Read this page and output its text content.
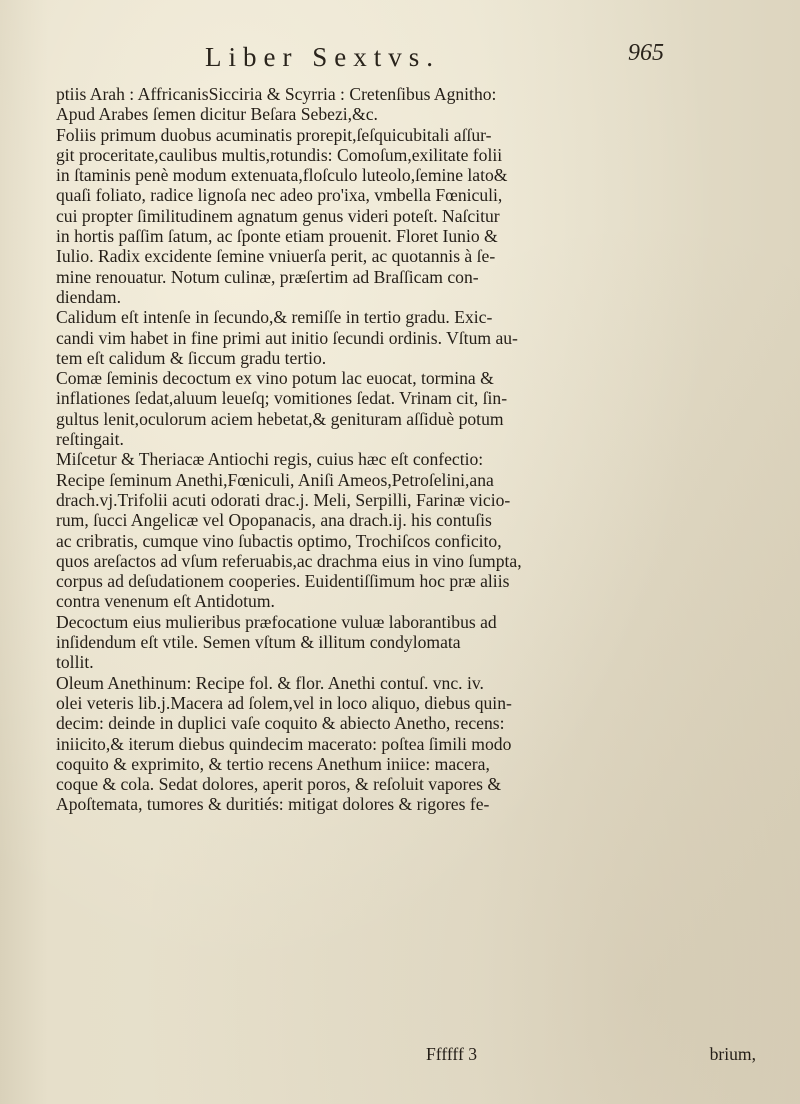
Liber Sextvs.	965
ptiis Arah : AffricanisSicciria & Scyrria : Cretenſibus Agnitho:
Apud Arabes ſemen dicitur Beſara Sebezi,&c.
Foliis primum duobus acuminatis prorepit,ſeſquicubitali aſſur-
git proceritate,caulibus multis,rotundis: Comoſum,exilitate folii
in ſtaminis penè modum extenuata,floſculo luteolo,ſemine lato&
quaſi foliato, radice lignoſa nec adeo pro'ixa, vmbella Fœniculi,
cui propter ſimilitudinem agnatum genus videri poteſt. Naſcitur
in hortis paſſim ſatum, ac ſponte etiam prouenit. Floret Iunio &
Iulio. Radix excidente ſemine vniuerſa perit, ac quotannis à ſe-
mine renouatur. Notum culinæ, præſertim ad Braſſicam con-
diendam.
Calidum eſt intenſe in ſecundo,& remiſſe in tertio gradu. Exic-
candi vim habet in fine primi aut initio ſecundi ordinis. Vſtum au-
tem eſt calidum & ſiccum gradu tertio.
Comæ ſeminis decoctum ex vino potum lac euocat, tormina &
inflationes ſedat,aluum leueſq; vomitiones ſedat. Vrinam cit, ſin-
gultus lenit,oculorum aciem hebetat,& genituram aſſiduè potum
reſtingait.
Miſcetur & Theriacæ Antiochi regis, cuius hæc eſt confectio:
Recipe ſeminum Anethi,Fœniculi, Aniſi Ameos,Petroſelini,ana
drach.vj.Trifolii acuti odorati drac.j. Meli, Serpilli, Farinæ vicio-
rum, ſucci Angelicæ vel Opopanacis, ana drach.ij. his contuſis
ac cribratis, cumque vino ſubactis optimo, Trochiſcos conficito,
quos areſactos ad vſum referuabis,ac drachma eius in vino ſumpta,
corpus ad deſudationem cooperies. Euidentiſſimum hoc præ aliis
contra venenum eſt Antidotum.
Decoctum eius mulieribus præfocatione vuluæ laborantibus ad
inſidendum eſt vtile. Semen vſtum & illitum condylomata
tollit.
Oleum Anethinum: Recipe fol. & flor. Anethi contuſ. vnc. iv.
olei veteris lib.j.Macera ad ſolem,vel in loco aliquo, diebus quin-
decim: deinde in duplici vaſe coquito & abiecto Anetho, recens:
iniicito,& iterum diebus quindecim macerato: poſtea ſimili modo
coquito & exprimito, & tertio recens Anethum iniice: macera,
coque & cola. Sedat dolores, aperit poros, & reſoluit vapores &
Apoſtemata, tumores & duritiés: mitigat dolores & rigores fe-
Ffffff 3	brium,
